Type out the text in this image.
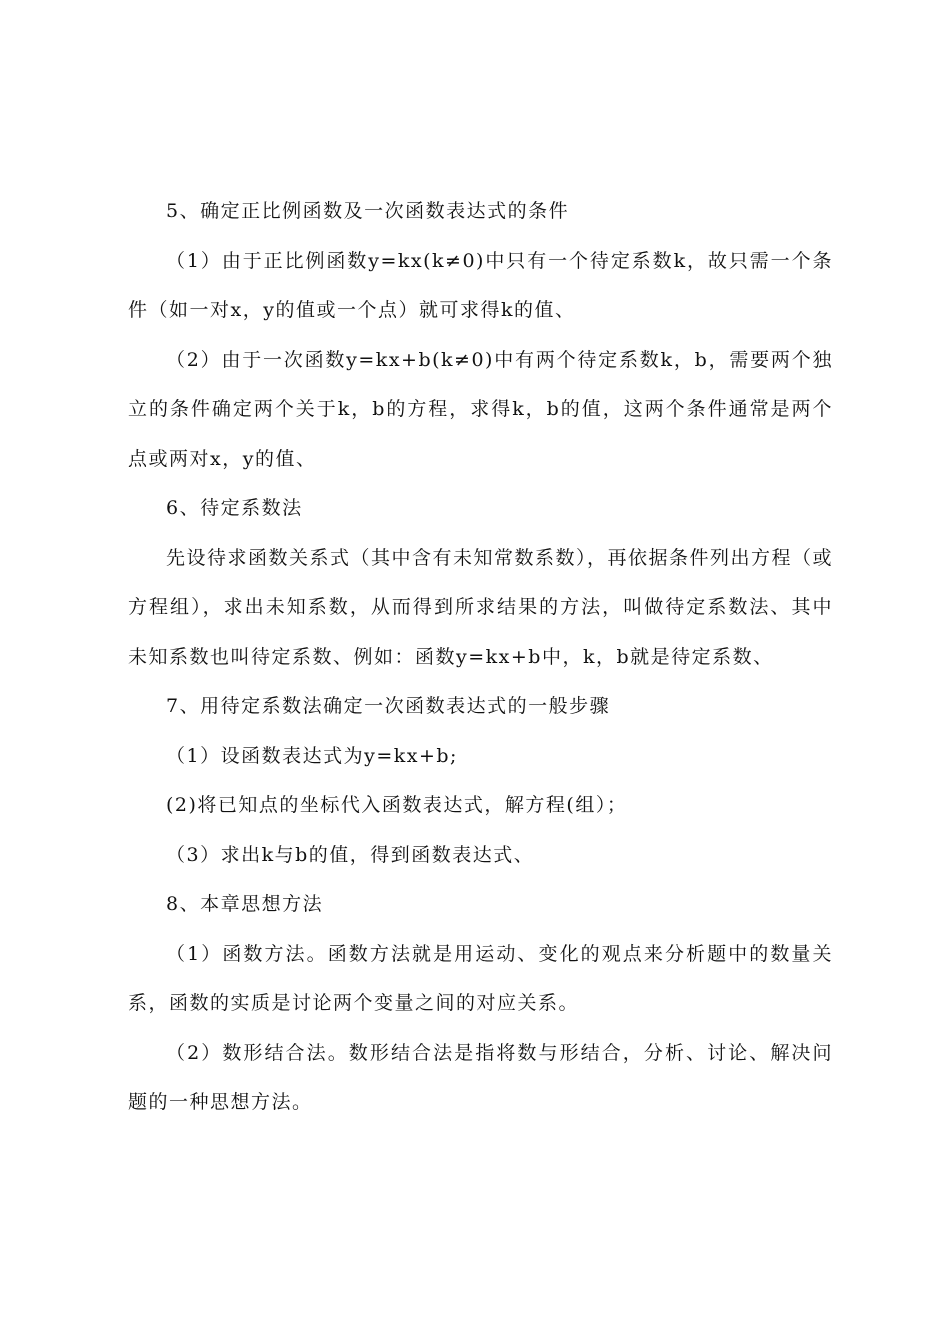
5、确定正比例函数及一次函数表达式的条件

（1）由于正比例函数y=kx(k≠0)中只有一个待定系数k，故只需一个条件（如一对x，y的值或一个点）就可求得k的值、

（2）由于一次函数y=kx+b(k≠0)中有两个待定系数k，b，需要两个独立的条件确定两个关于k，b的方程，求得k，b的值，这两个条件通常是两个点或两对x，y的值、

6、待定系数法

先设待求函数关系式（其中含有未知常数系数），再依据条件列出方程（或方程组），求出未知系数，从而得到所求结果的方法，叫做待定系数法、其中未知系数也叫待定系数、例如：函数y=kx+b中，k，b就是待定系数、

7、用待定系数法确定一次函数表达式的一般步骤

（1）设函数表达式为y=kx+b;

(2)将已知点的坐标代入函数表达式，解方程(组）；

（3）求出k与b的值，得到函数表达式、

8、本章思想方法

（1）函数方法。函数方法就是用运动、变化的观点来分析题中的数量关系，函数的实质是讨论两个变量之间的对应关系。

（2）数形结合法。数形结合法是指将数与形结合，分析、讨论、解决问题的一种思想方法。
